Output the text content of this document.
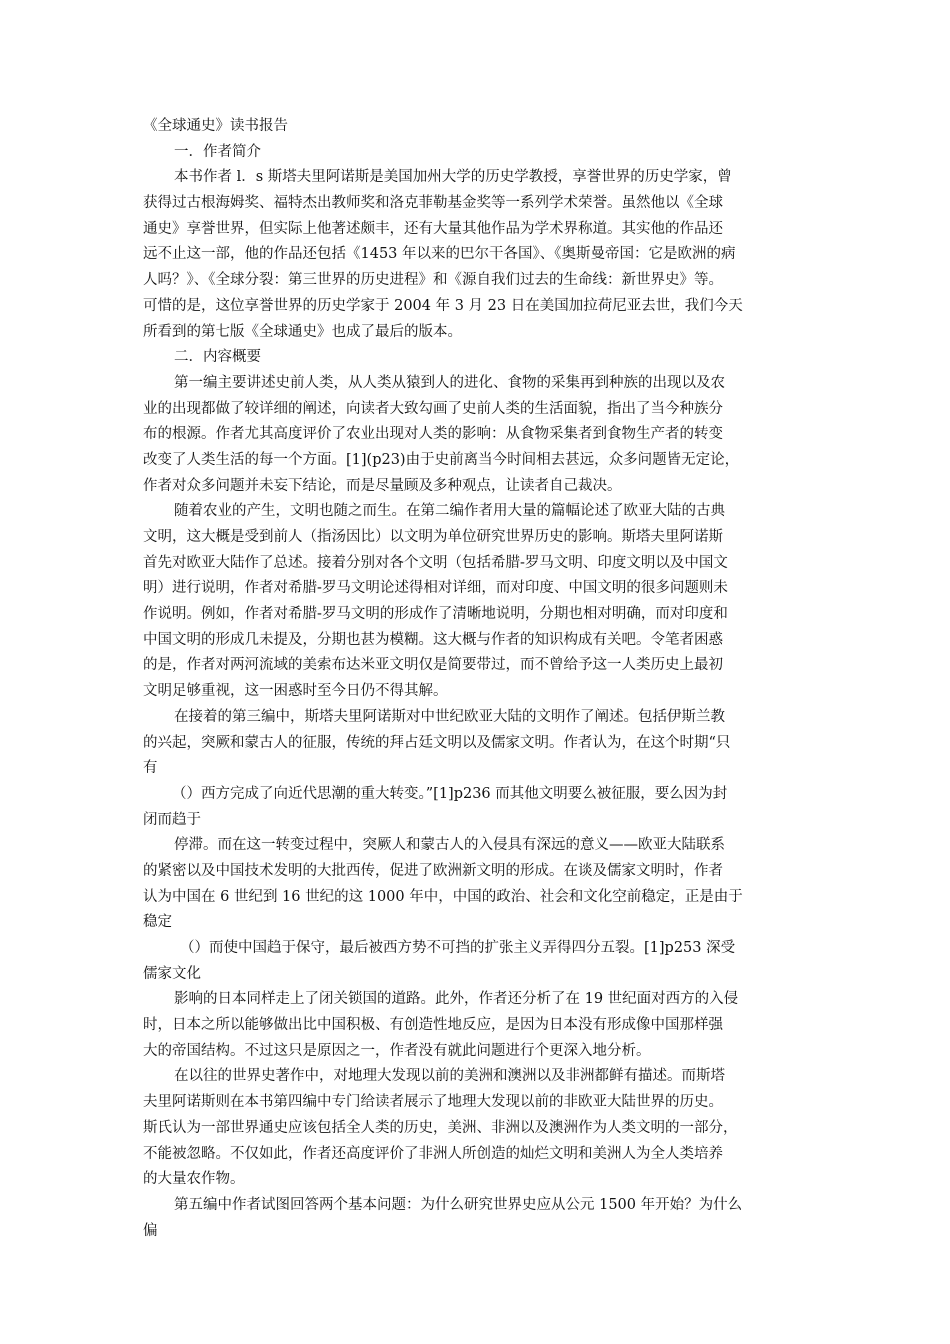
《全球通史》读书报告
一．作者简介
本书作者 l．s 斯塔夫里阿诺斯是美国加州大学的历史学教授，享誉世界的历史学家，曾
获得过古根海姆奖、福特杰出教师奖和洛克菲勒基金奖等一系列学术荣誉。虽然他以《全球
通史》享誉世界，但实际上他著述颇丰，还有大量其他作品为学术界称道。其实他的作品还
远不止这一部，他的作品还包括《1453 年以来的巴尔干各国》、《奥斯曼帝国：它是欧洲的病
人吗？》、《全球分裂：第三世界的历史进程》和《源自我们过去的生命线：新世界史》等。
可惜的是，这位享誉世界的历史学家于 2004 年 3 月 23 日在美国加拉荷尼亚去世，我们今天
所看到的第七版《全球通史》也成了最后的版本。
二．内容概要
第一编主要讲述史前人类，从人类从猿到人的进化、食物的采集再到种族的出现以及农
业的出现都做了较详细的阐述，向读者大致勾画了史前人类的生活面貌，指出了当今种族分
布的根源。作者尤其高度评价了农业出现对人类的影响：从食物采集者到食物生产者的转变
改变了人类生活的每一个方面。[1](p23)由于史前离当今时间相去甚远，众多问题皆无定论，
作者对众多问题并未妄下结论，而是尽量顾及多种观点，让读者自己裁决。
随着农业的产生，文明也随之而生。在第二编作者用大量的篇幅论述了欧亚大陆的古典
文明，这大概是受到前人（指汤因比）以文明为单位研究世界历史的影响。斯塔夫里阿诺斯
首先对欧亚大陆作了总述。接着分别对各个文明（包括希腊-罗马文明、印度文明以及中国文
明）进行说明，作者对希腊-罗马文明论述得相对详细，而对印度、中国文明的很多问题则未
作说明。例如，作者对希腊-罗马文明的形成作了清晰地说明，分期也相对明确，而对印度和
中国文明的形成几未提及，分期也甚为模糊。这大概与作者的知识构成有关吧。令笔者困惑
的是，作者对两河流域的美索布达米亚文明仅是简要带过，而不曾给予这一人类历史上最初
文明足够重视，这一困惑时至今日仍不得其解。
在接着的第三编中，斯塔夫里阿诺斯对中世纪欧亚大陆的文明作了阐述。包括伊斯兰教
的兴起，突厥和蒙古人的征服，传统的拜占廷文明以及儒家文明。作者认为，在这个时期“只
有
（）西方完成了向近代思潮的重大转变。”[1]p236 而其他文明要么被征服，要么因为封
闭而趋于
停滞。而在这一转变过程中，突厥人和蒙古人的入侵具有深远的意义——欧亚大陆联系
的紧密以及中国技术发明的大批西传，促进了欧洲新文明的形成。在谈及儒家文明时，作者
认为中国在 6 世纪到 16 世纪的这 1000 年中，中国的政治、社会和文化空前稳定，正是由于
稳定
（）而使中国趋于保守，最后被西方势不可挡的扩张主义弄得四分五裂。[1]p253 深受
儒家文化
影响的日本同样走上了闭关锁国的道路。此外，作者还分析了在 19 世纪面对西方的入侵
时，日本之所以能够做出比中国积极、有创造性地反应，是因为日本没有形成像中国那样强
大的帝国结构。不过这只是原因之一，作者没有就此问题进行个更深入地分析。
在以往的世界史著作中，对地理大发现以前的美洲和澳洲以及非洲都鲜有描述。而斯塔
夫里阿诺斯则在本书第四编中专门给读者展示了地理大发现以前的非欧亚大陆世界的历史。
斯氏认为一部世界通史应该包括全人类的历史，美洲、非洲以及澳洲作为人类文明的一部分，
不能被忽略。不仅如此，作者还高度评价了非洲人所创造的灿烂文明和美洲人为全人类培养
的大量农作物。
第五编中作者试图回答两个基本问题：为什么研究世界史应从公元 1500 年开始？为什么
偏
